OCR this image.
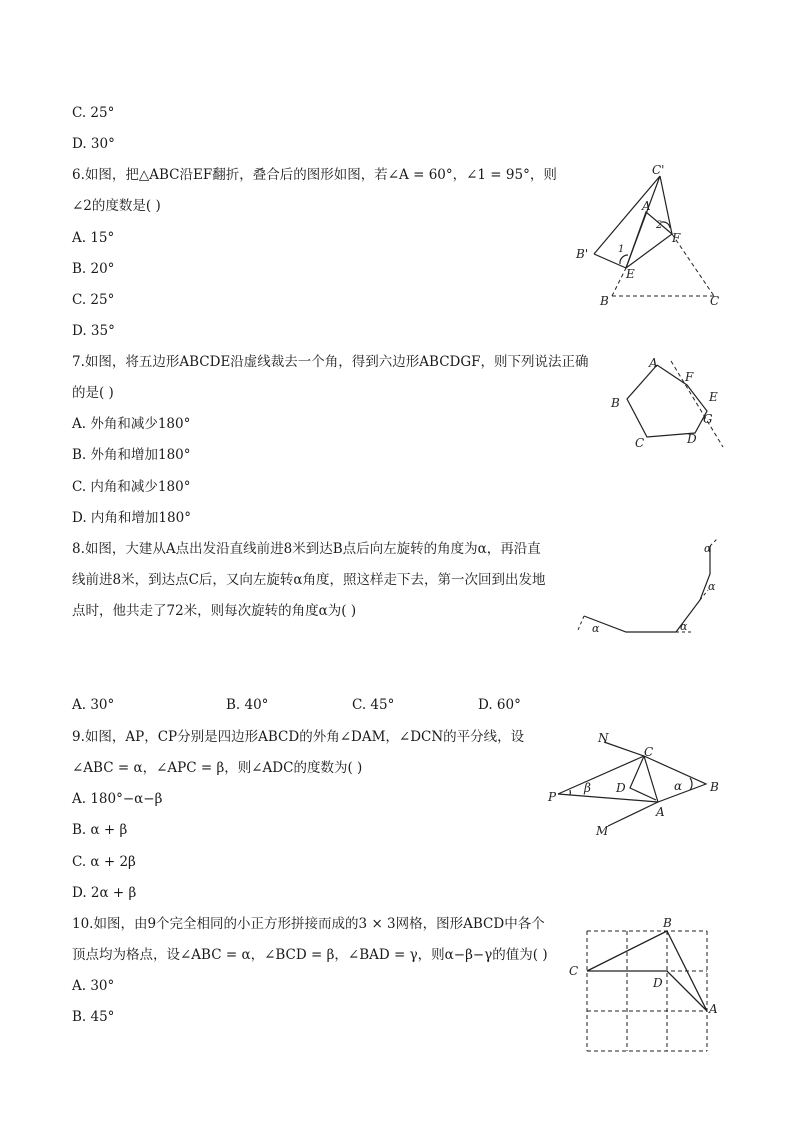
C. 25°
D. 30°
6.如图，把△ABC沿EF翻折，叠合后的图形如图，若∠A = 60°，∠1 = 95°，则
∠2的度数是( )
A. 15°
B. 20°
C. 25°
D. 35°
C'
A
2
F
B'	1
E
B	C
7.如图，将五边形ABCDE沿虚线裁去一个角，得到六边形ABCDGF，则下列说法正确
的是( )
A. 外角和减少180°
B. 外角和增加180°
C. 内角和减少180°
D. 内角和增加180°
A
F
E
B
G
C	D
8.如图，大建从A点出发沿直线前进8米到达B点后向左旋转的角度为α，再沿直
线前进8米，到达点C后，又向左旋转α角度，照这样走下去，第一次回到出发地
点时，他共走了72米，则每次旋转的角度α为( )
α	α
α
α
A. 30°	B. 40°	C. 45°	D. 60°
9.如图，AP，CP分别是四边形ABCD的外角∠DAM，∠DCN的平分线，设
∠ABC = α，∠APC = β，则∠ADC的度数为( )
A. 180°−α−β
B. α + β
C. α + 2β
D. 2α + β
N
C
P
β D	α B
A
M
10.如图，由9个完全相同的小正方形拼接而成的3 × 3网格，图形ABCD中各个
顶点均为格点，设∠ABC = α，∠BCD = β，∠BAD = γ，则α−β−γ的值为( )
A. 30°
B. 45°
B
C
D
A
